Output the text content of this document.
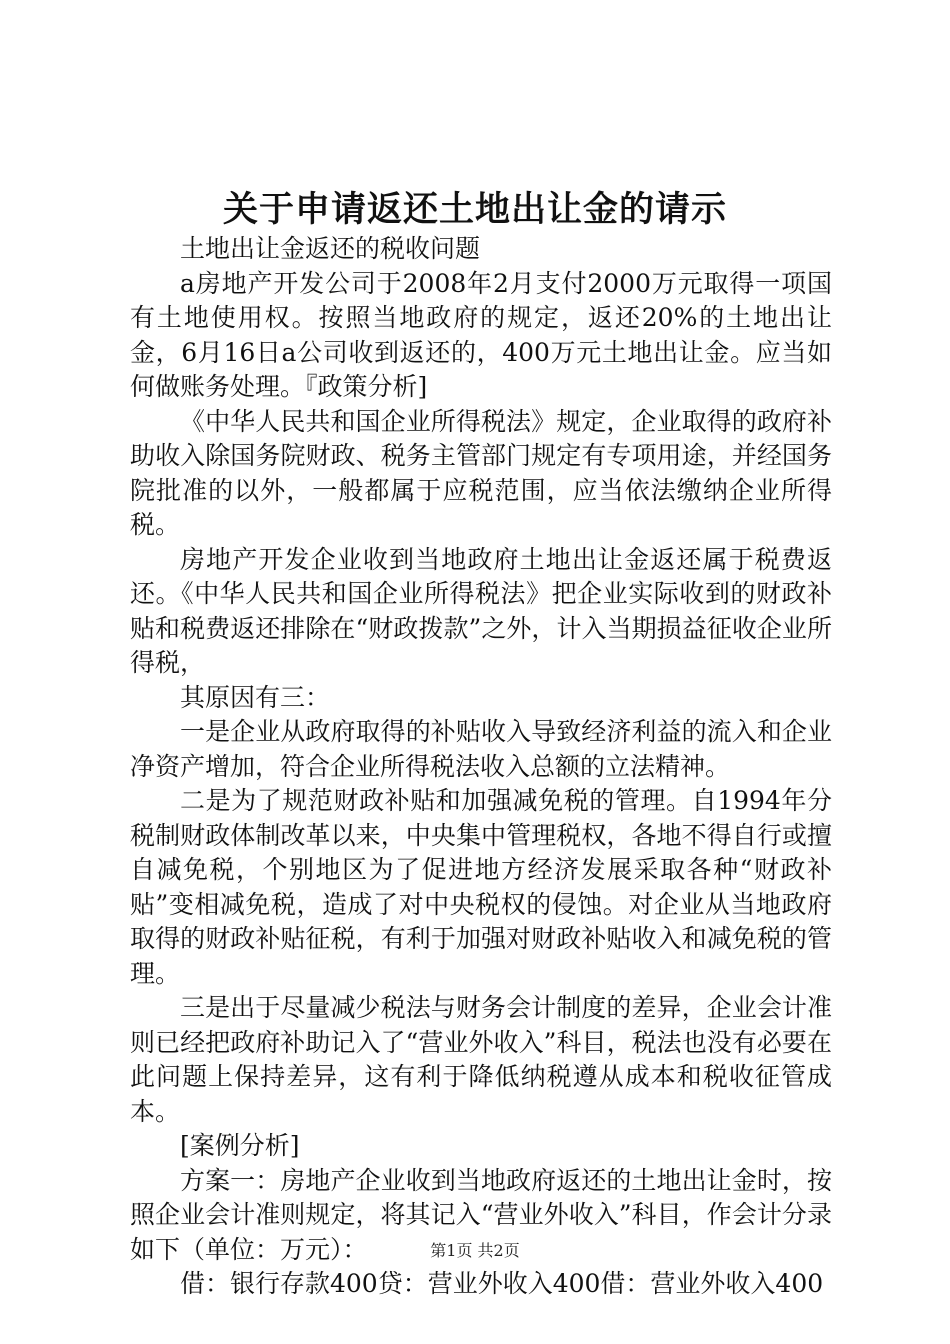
关于申请返还土地出让金的请示

土地出让金返还的税收问题

a房地产开发公司于2008年2月支付2000万元取得一项国有土地使用权。按照当地政府的规定，返还20%的土地出让金，6月16日a公司收到返还的，400万元土地出让金。应当如何做账务处理。『政策分析]

《中华人民共和国企业所得税法》规定，企业取得的政府补助收入除国务院财政、税务主管部门规定有专项用途，并经国务院批准的以外，一般都属于应税范围，应当依法缴纳企业所得税。

房地产开发企业收到当地政府土地出让金返还属于税费返还。《中华人民共和国企业所得税法》把企业实际收到的财政补贴和税费返还排除在“财政拨款”之外，计入当期损益征收企业所得税，

其原因有三：

一是企业从政府取得的补贴收入导致经济利益的流入和企业净资产增加，符合企业所得税法收入总额的立法精神。

二是为了规范财政补贴和加强减免税的管理。自1994年分税制财政体制改革以来，中央集中管理税权，各地不得自行或擅自减免税，个别地区为了促进地方经济发展采取各种“财政补贴”变相减免税，造成了对中央税权的侵蚀。对企业从当地政府取得的财政补贴征税，有利于加强对财政补贴收入和减免税的管理。

三是出于尽量减少税法与财务会计制度的差异，企业会计准则已经把政府补助记入了“营业外收入”科目，税法也没有必要在此问题上保持差异，这有利于降低纳税遵从成本和税收征管成本。

[案例分析]

方案一：房地产企业收到当地政府返还的土地出让金时，按照企业会计准则规定，将其记入“营业外收入”科目，作会计分录如下（单位：万元）：

借：银行存款400贷：营业外收入400借：营业外收入400

第1页 共2页
